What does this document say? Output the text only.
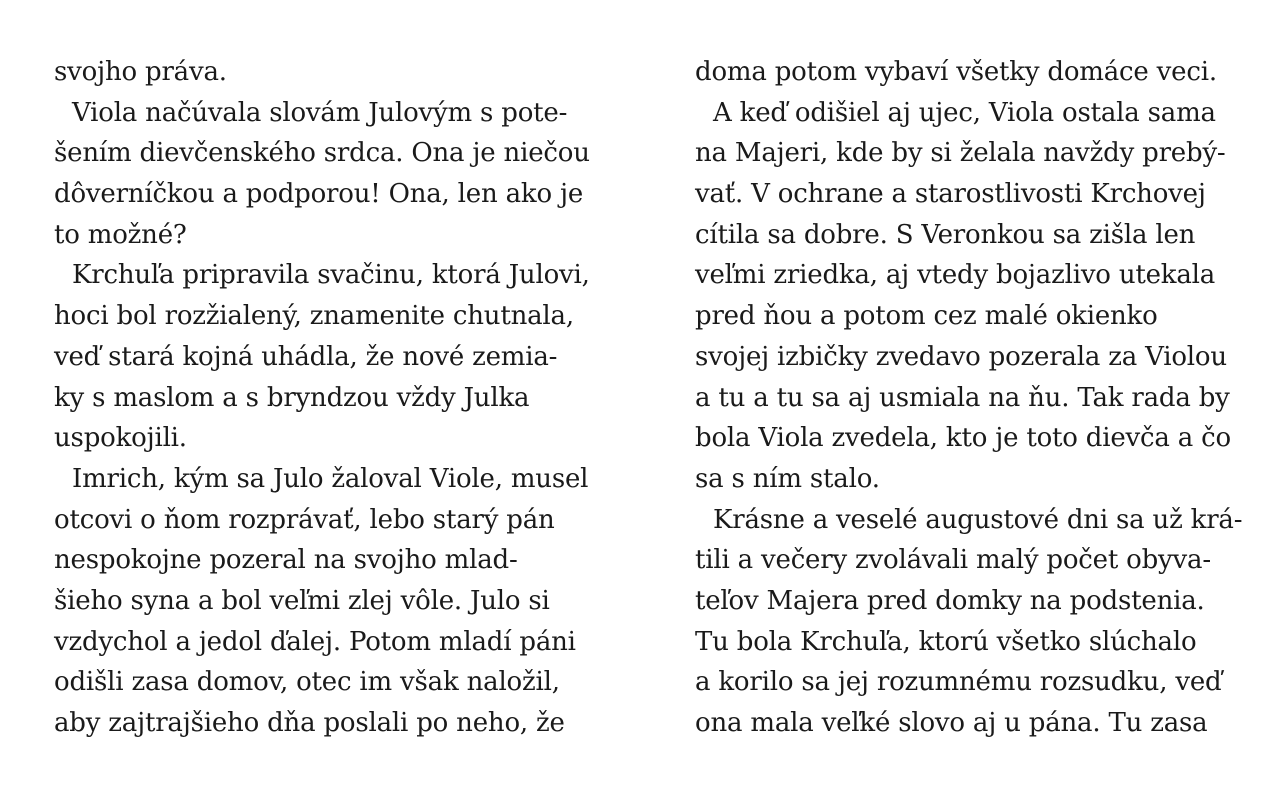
svojho práva.
Viola načúvala slovám Julovým s pote-
šením dievčenského srdca. Ona je niečou
dôverníčkou a podporou! Ona, len ako je
to možné?
Krchuľa pripravila svačinu, ktorá Julovi,
hoci bol rozžialený, znamenite chutnala,
veď stará kojná uhádla, že nové zemia-
ky s maslom a s bryndzou vždy Julka
uspokojili.
Imrich, kým sa Julo žaloval Viole, musel
otcovi o ňom rozprávať, lebo starý pán
nespokojne pozeral na svojho mlad-
šieho syna a bol veľmi zlej vôle. Julo si
vzdychol a jedol ďalej. Potom mladí páni
odišli zasa domov, otec im však naložil,
aby zajtrajšieho dňa poslali po neho, že
doma potom vybaví všetky domáce veci.
A keď odišiel aj ujec, Viola ostala sama
na Majeri, kde by si želala navždy prebý-
vať. V ochrane a starostlivosti Krchovej
cítila sa dobre. S Veronkou sa zišla len
veľmi zriedka, aj vtedy bojazlivo utekala
pred ňou a potom cez malé okienko
svojej izbičky zvedavo pozerala za Violou
a tu a tu sa aj usmiala na ňu. Tak rada by
bola Viola zvedela, kto je toto dievča a čo
sa s ním stalo.
Krásne a veselé augustové dni sa už krá-
tili a večery zvolávali malý počet obyva-
teľov Majera pred domky na podstenia.
Tu bola Krchuľa, ktorú všetko slúchalo
a korilo sa jej rozumnému rozsudku, veď
ona mala veľké slovo aj u pána. Tu zasa
